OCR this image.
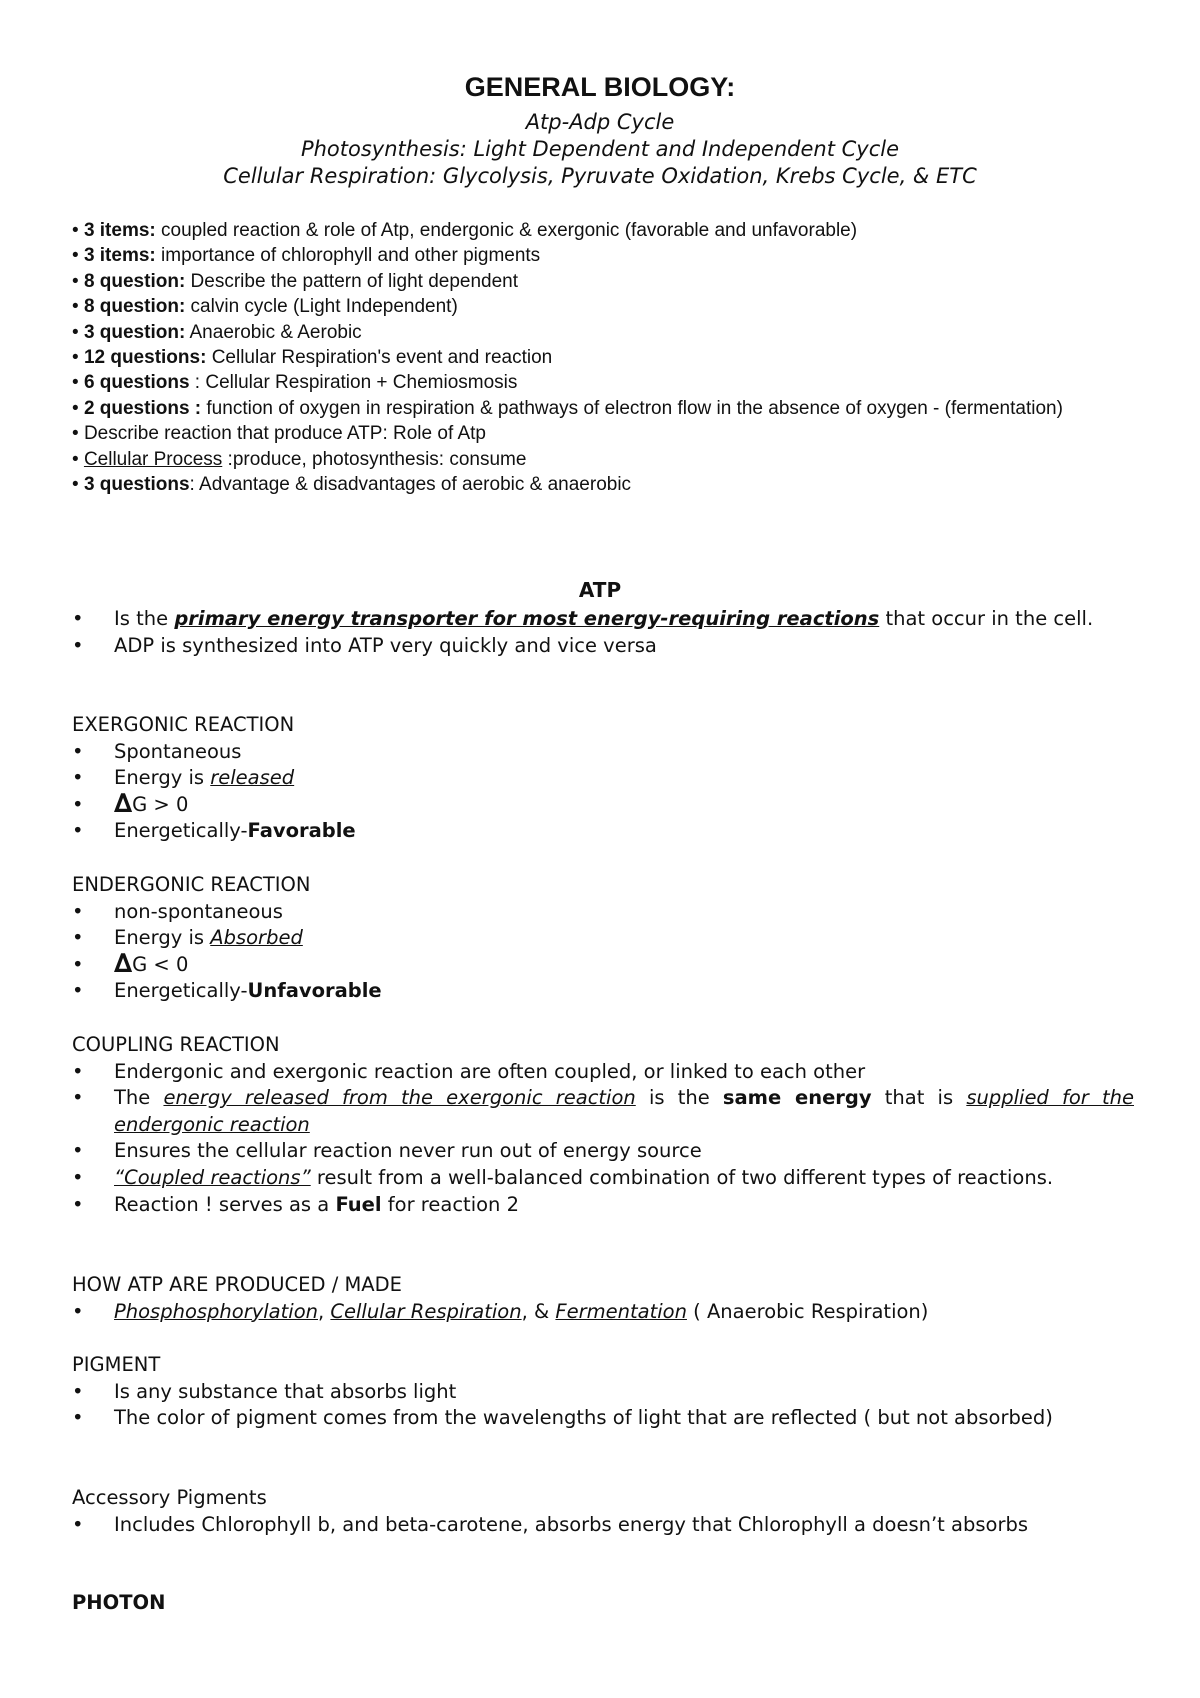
GENERAL BIOLOGY:
Atp-Adp Cycle
Photosynthesis: Light Dependent and Independent Cycle
Cellular Respiration: Glycolysis, Pyruvate Oxidation, Krebs Cycle, & ETC
• 3 items: coupled reaction & role of Atp, endergonic & exergonic (favorable and unfavorable)
• 3 items: importance of chlorophyll and other pigments
• 8 question: Describe the pattern of light dependent
• 8 question: calvin cycle (Light Independent)
• 3 question: Anaerobic & Aerobic
• 12 questions: Cellular Respiration's event and reaction
• 6 questions : Cellular Respiration + Chemiosmosis
• 2 questions : function of oxygen in respiration & pathways of electron flow in the absence of oxygen - (fermentation)
• Describe reaction that produce ATP: Role of Atp
• Cellular Process :produce, photosynthesis: consume
• 3 questions: Advantage & disadvantages of aerobic & anaerobic
ATP
• Is the primary energy transporter for most energy-requiring reactions that occur in the cell.
• ADP is synthesized into ATP very quickly and vice versa
EXERGONIC REACTION
• Spontaneous
• Energy is released
• ∆G > 0
• Energetically-Favorable
ENDERGONIC REACTION
• non-spontaneous
• Energy is Absorbed
• ∆G < 0
• Energetically-Unfavorable
COUPLING REACTION
• Endergonic and exergonic reaction are often coupled, or linked to each other
• The energy released from the exergonic reaction is the same energy that is supplied for the endergonic reaction
• Ensures the cellular reaction never run out of energy source
• “Coupled reactions” result from a well-balanced combination of two different types of reactions.
• Reaction ! serves as a Fuel for reaction 2
HOW ATP ARE PRODUCED / MADE
• Phosphosphorylation, Cellular Respiration, & Fermentation ( Anaerobic Respiration)
PIGMENT
• Is any substance that absorbs light
• The color of pigment comes from the wavelengths of light that are reflected ( but not absorbed)
Accessory Pigments
• Includes Chlorophyll b, and beta-carotene, absorbs energy that Chlorophyll a doesn’t absorbs
PHOTON
